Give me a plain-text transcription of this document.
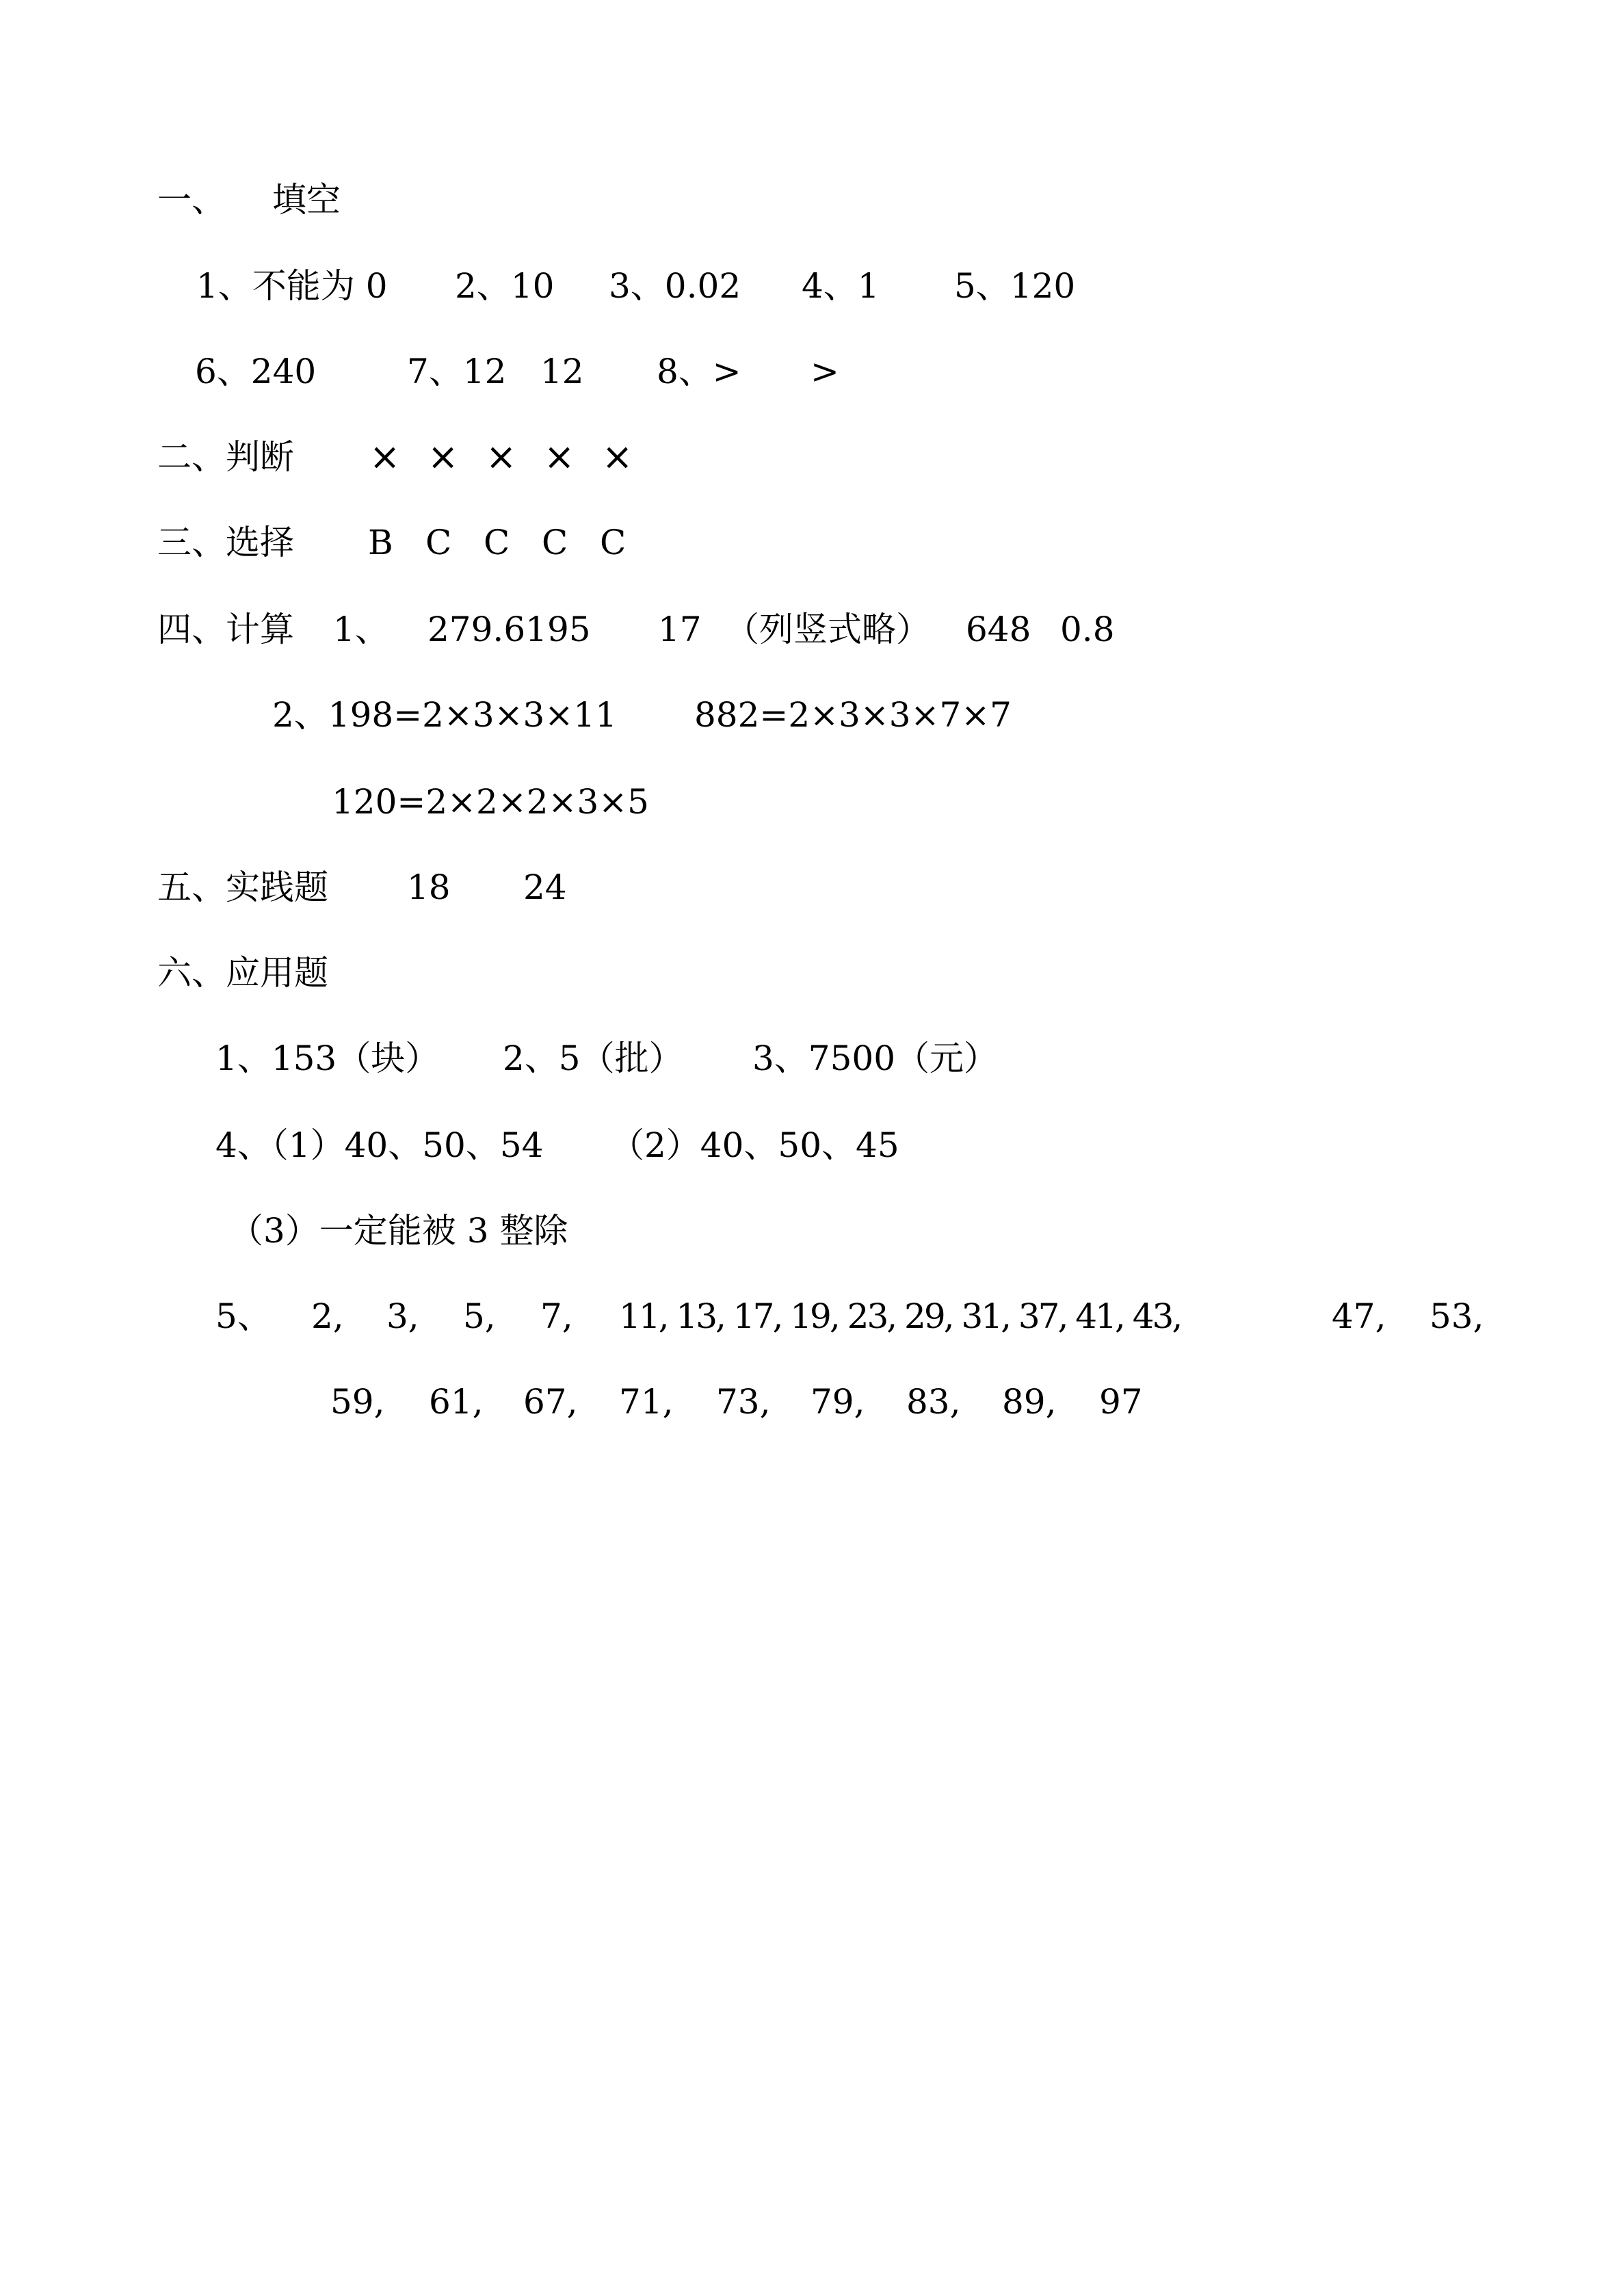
一、

填空

1、不能为 0

2、10

3、0.02

4、1

5、120

6、240

	7、12

12

8、>

>

二、判断

×

×

×

×

×

三、选择

B

C

C

C

C

四、计算

1、

279.6195

17

（列竖式略）

648

0.8

2、198=2×3×3×11

882=2×3×3×7×7

120=2×2×2×3×5

五、实践题

18

24

六、应用题

1、153（块）

2、5（批）

3、7500（元）

4、（1）40、50、54

（2）40、50、45

（3）一定能被 3 整除

5、

2,

3,

5,

7,

11, 13, 17, 19, 23, 29, 31, 37, 41, 43,

	47,

53,

59,

61,

67,

71,

73,

79,

83,

89,

97
